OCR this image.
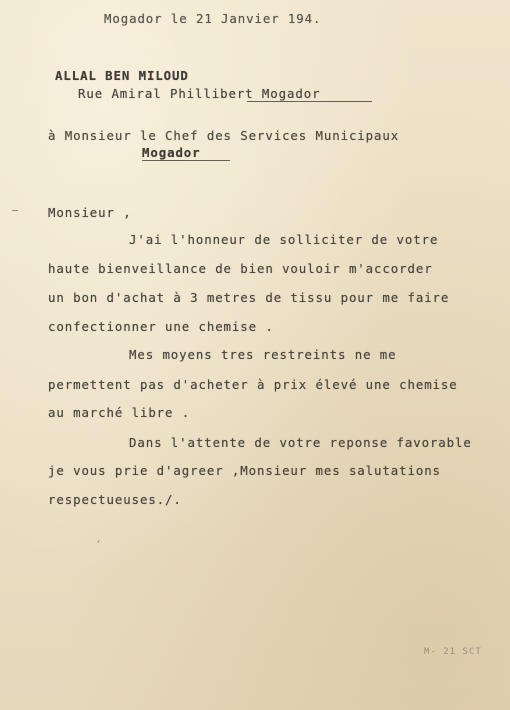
Mogador le 21 Janvier 194.
ALLAL BEN MILOUD
Rue Amiral Phillibert Mogador
à Monsieur le Chef des Services Municipaux
Mogador
Monsieur ,
J'ai l'honneur de solliciter de votre
haute bienveillance de bien vouloir m'accorder
un bon d'achat à 3 metres de tissu pour me faire
confectionner une chemise .
Mes moyens tres restreints ne me
permettent pas d'acheter à prix élevé une chemise
au marché libre .
Dans l'attente de votre reponse favorable
je vous prie d'agreer ,Monsieur mes salutations
respectueuses./.
M- 21 SCT
